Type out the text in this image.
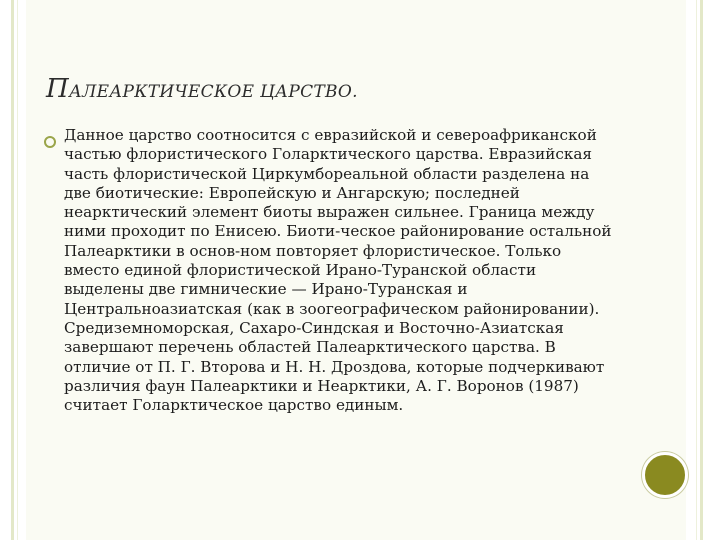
ПАЛЕАРКТИЧЕСКОЕ ЦАРСТВО.

Данное царство соотносится с евразийской и североафриканской частью флористического Голарктического царства. Евразийская часть флористической Циркумбореальной области разделена на две биотические: Европейскую и Ангарскую; последней неарктический элемент биоты выражен сильнее. Граница между ними проходит по Енисею. Биоти-ческое районирование остальной Палеарктики в основ-ном повторяет флористическое. Только вместо единой флористической Ирано-Туранской области выделены две гимнические — Ирано-Туранская и Центральноазиатская (как в зоогеографическом районировании). Средиземноморская, Сахаро-Синдская и Восточно-Азиатская завершают перечень областей Палеарктического царства. В отличие от П. Г. Второва и Н. Н. Дроздова, которые подчеркивают различия фаун Палеарктики и Неарктики, А. Г. Воронов (1987) считает Голарктическое царство единым.
